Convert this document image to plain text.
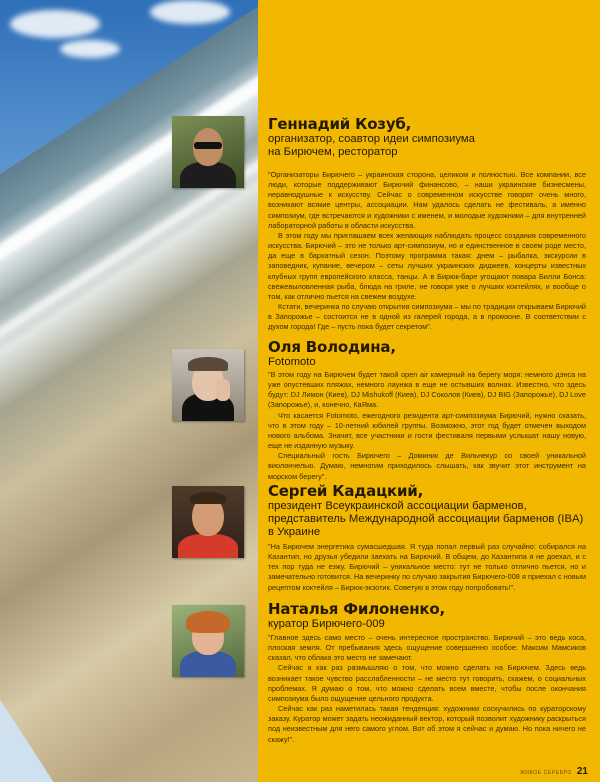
Геннадий Козуб,
организатор, соавтор идеи симпозиума
на Бирючем, ресторатор

"Организаторы Бирючего – украинская сторона, целиком и полностью. Все компании, все люди, которые поддерживают Бирючий финансово, – наши украинские бизнесмены, неравнодушные к искусству. Сейчас о современном искусстве говорят очень много, возникают всякие центры, ассоциации. Нам удалось сделать не фестиваль, а именно симпозиум, где встречаются и художники с именем, и молодые художники – для внутренней лабораторной работы в области искусства.

В этом году мы приглашаем всех желающих наблюдать процесс создания современного искусства. Бирючий – это не только арт-симпозиум, но и единственное в своем роде место, да еще в бархатный сезон. Поэтому программа такая: днем – рыбалка, экскурсии в заповедник, купание, вечером – сеты лучших украинских диджеев, концерты известных клубных групп европейского класса, танцы. А в Бирюк-баре угощают повара Билли Бонса: свежевыловленная рыба, блюда на гриле, не говоря уже о лучших коктейлях, и вообще о том, как отлично пьется на свежем воздухе.

Кстати, вечеринка по случаю открытия симпозиума – мы по традиции открываем Бирючий в Запорожье – состоится не в одной из галерей города, а в промзоне. В соответствии с духом города! Где – пусть пока будет секретом".

Оля Володина,
Fotomoto

"В этом году на Бирючем будет такой open air камерный на берегу моря: немного дэнса на уже опустевших пляжах, немного лаунжа в еще не остывших волнах. Известно, что здесь будут: DJ Лимон (Киев), DJ Mishukoff (Киев), DJ Соколов (Киев), DJ BIG (Запорожье), DJ Love (Запорожье), и, конечно, КаЯма.

Что касается Fotomoto, ежегодного резидента арт-симпозиума Бирючий, нужно сказать, что в этом году – 10-летний юбилей группы. Возможно, этот год будет отмечен выходом нового альбома. Значит, все участники и гости фестиваля первыми услышат нашу новую, еще не изданную музыку.

Специальный гость Бирючего – Доминик де Вильнекур со своей уникальной виолончелью. Думаю, немногим приходилось слышать, как звучит этот инструмент на морском берегу".

Сергей Кадацкий,
президент Всеукраинской ассоциации барменов,
представитель Международной ассоциации барменов (IBA)
в Украине

"На Бирючем энергетика сумасшедшая. Я туда попал первый раз случайно: собирался на Казантип, но друзья убедили заехать на Бирючий. В общем, до Казантипа я не доехал, и с тех пор туда не езжу. Бирючий – уникальное место: тут не только отлично пьется, но и замечательно готовится. На вечеринку по случаю закрытия Бирючего-008 я приехал с новым рецептом коктейля – Бирюк-экзотик. Советую в этом году попробовать!".

Наталья Филоненко,
куратор Бирючего-009

"Главное здесь само место – очень интересное пространство. Бирючий – это ведь коса, плоская земля. От пребывания здесь ощущение совершенно особое: Максим Мамсиков сказал, что облака это место не замечают.

Сейчас я как раз размышляю о том, что можно сделать на Бирючем. Здесь ведь возникает такое чувство расслабленности – не место тут говорить, скажем, о социальных проблемах. Я думаю о том, что можно сделать всем вместе, чтобы после окончания симпозиума было ощущение цельного продукта.

Сейчас как раз наметилась такая тенденция: художники соскучились по кураторскому заказу. Куратор может задать неожиданный вектор, который позволит художнику раскрыться под неизвестным для него самого углом. Вот об этом я сейчас и думаю. Но пока ничего не скажу!".

ЖИВОЕ СЕРЕБРО 21
